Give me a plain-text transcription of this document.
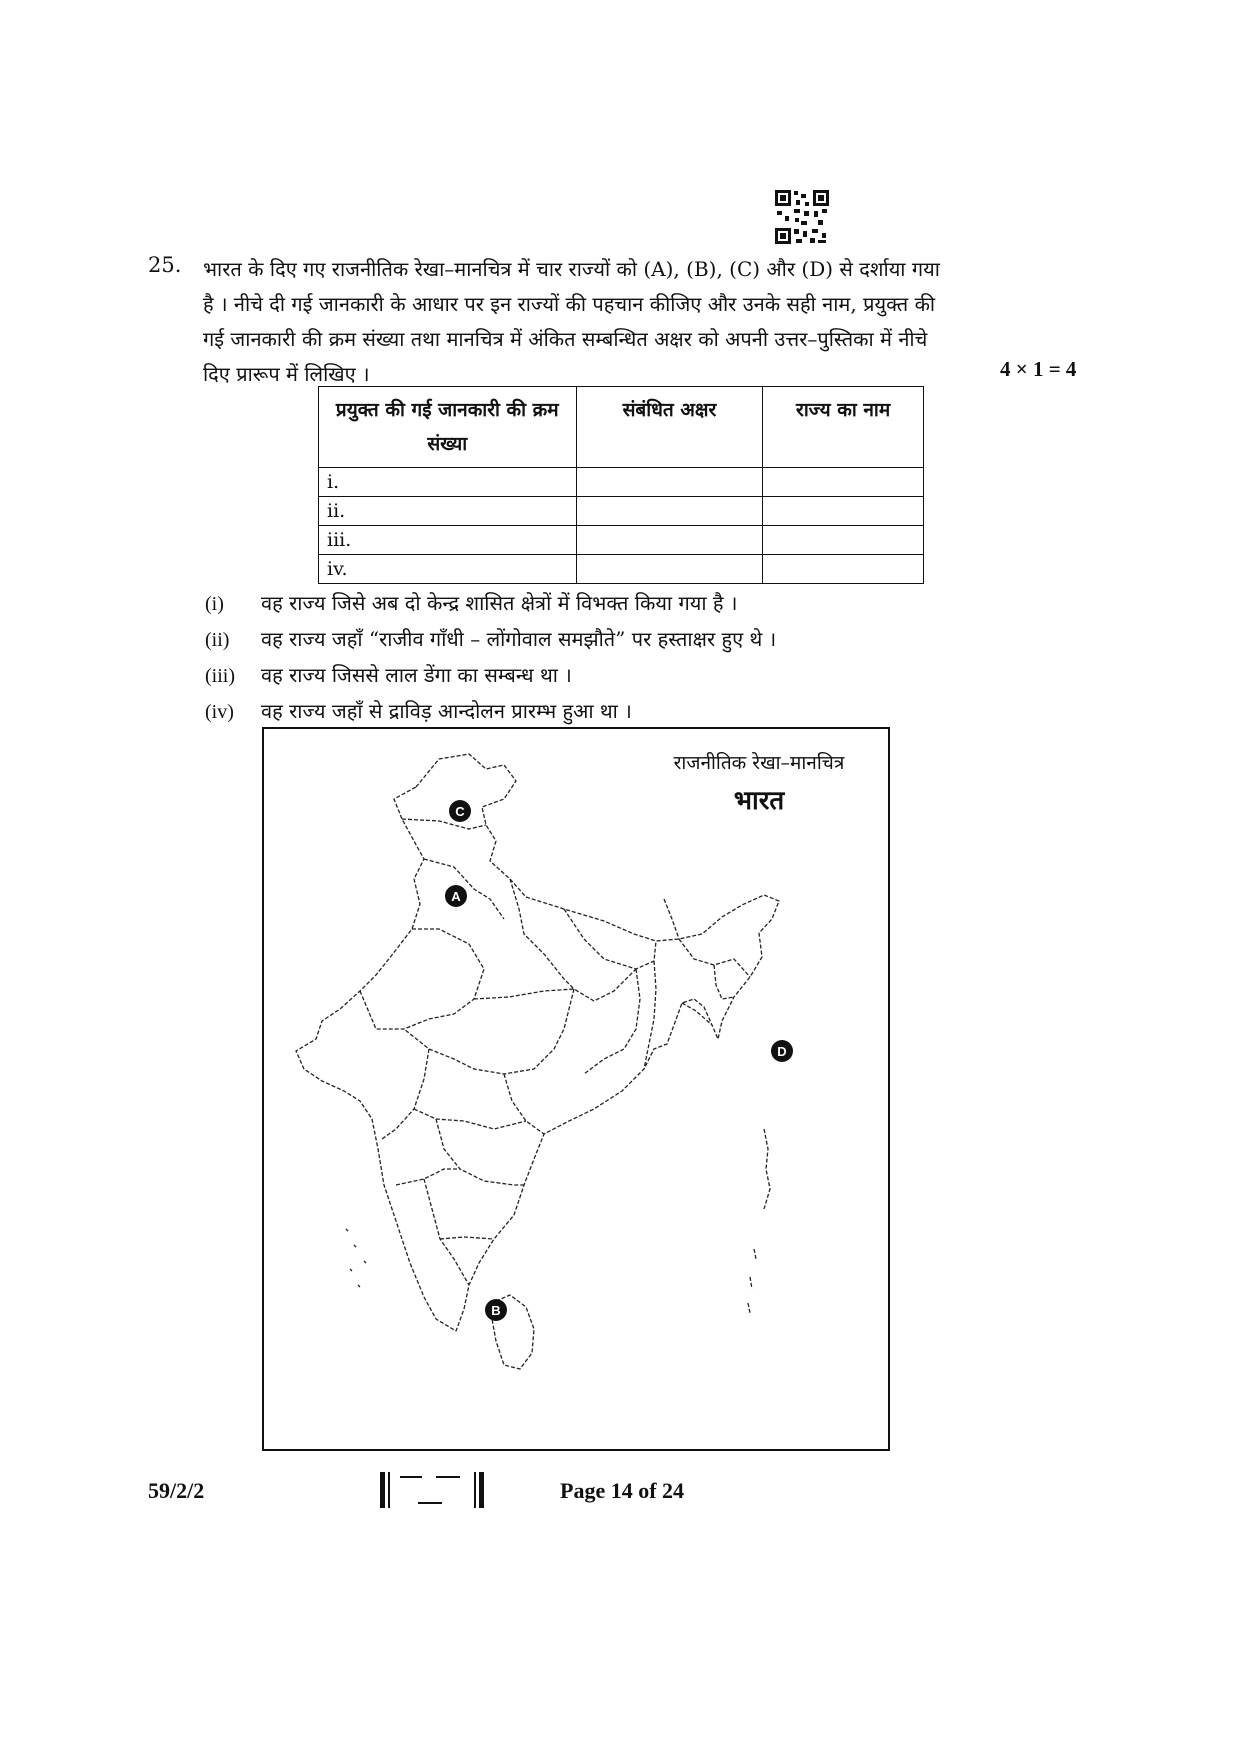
25. भारत के दिए गए राजनीतिक रेखा–मानचित्र में चार राज्यों को (A), (B), (C) और (D) से दर्शाया गया
है । नीचे दी गई जानकारी के आधार पर इन राज्यों की पहचान कीजिए और उनके सही नाम, प्रयुक्त की
गई जानकारी की क्रम संख्या तथा मानचित्र में अंकित सम्बन्धित अक्षर को अपनी उत्तर–पुस्तिका में नीचे
दिए प्रारूप में लिखिए ।	4 × 1 = 4
प्रयुक्त की गई जानकारी की क्रम संख्या	संबंधित अक्षर	राज्य का नाम
i.		
ii.		
iii.		
iv.		
(i) वह राज्य जिसे अब दो केन्द्र शासित क्षेत्रों में विभक्त किया गया है ।
(ii) वह राज्य जहाँ “राजीव गाँधी – लोंगोवाल समझौते” पर हस्ताक्षर हुए थे ।
(iii) वह राज्य जिससे लाल डेंगा का सम्बन्ध था ।
(iv) वह राज्य जहाँ से द्राविड़ आन्दोलन प्रारम्भ हुआ था ।
C
A
D
B
राजनीतिक रेखा–मानचित्र
भारत
59/2/2	Page 14 of 24
